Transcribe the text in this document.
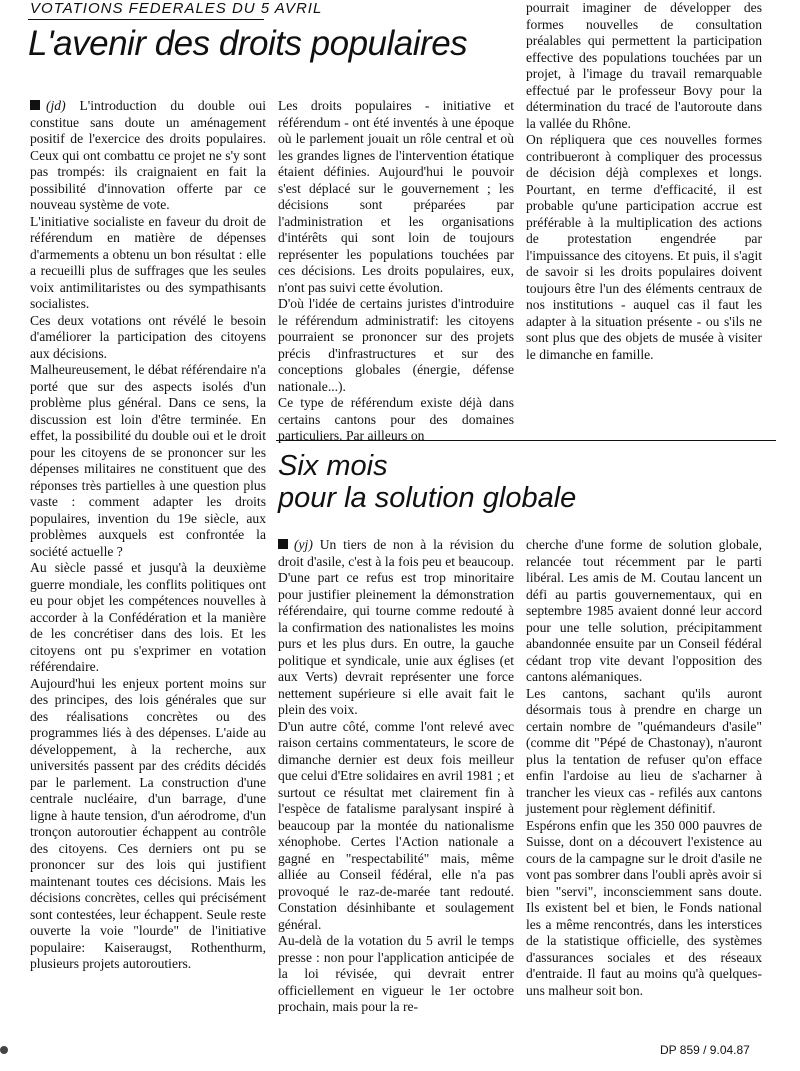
VOTATIONS FEDERALES DU 5 AVRIL
L'avenir des droits populaires

(jd) L'introduction du double oui constitue sans doute un aménagement positif de l'exercice des droits populaires. Ceux qui ont combattu ce projet ne s'y sont pas trompés: ils craignaient en fait la possibilité d'innovation offerte par ce nouveau système de vote.

L'initiative socialiste en faveur du droit de référendum en matière de dépenses d'armements a obtenu un bon résultat : elle a recueilli plus de suffrages que les seules voix antimilitaristes ou des sympathisants socialistes.

Ces deux votations ont révélé le besoin d'améliorer la participation des citoyens aux décisions.

Malheureusement, le débat référendaire n'a porté que sur des aspects isolés d'un problème plus général. Dans ce sens, la discussion est loin d'être terminée. En effet, la possibilité du double oui et le droit pour les citoyens de se prononcer sur les dépenses militaires ne constituent que des réponses très partielles à une question plus vaste : comment adapter les droits populaires, invention du 19e siècle, aux problèmes auxquels est confrontée la société actuelle ?

Au siècle passé et jusqu'à la deuxième guerre mondiale, les conflits politiques ont eu pour objet les compétences nouvelles à accorder à la Confédération et la manière de les concrétiser dans des lois. Et les citoyens ont pu s'exprimer en votation référendaire.

Aujourd'hui les enjeux portent moins sur des principes, des lois générales que sur des réalisations concrètes ou des programmes liés à des dépenses. L'aide au développement, à la recherche, aux universités passent par des crédits décidés par le parlement. La construction d'une centrale nucléaire, d'un barrage, d'une ligne à haute tension, d'un aérodrome, d'un tronçon autoroutier échappent au contrôle des citoyens. Ces derniers ont pu se prononcer sur des lois qui justifient maintenant toutes ces décisions. Mais les décisions concrètes, celles qui précisément sont contestées, leur échappent. Seule reste ouverte la voie "lourde" de l'initiative populaire: Kaiseraugst, Rothenthurm, plusieurs projets autoroutiers.

Les droits populaires - initiative et référendum - ont été inventés à une époque où le parlement jouait un rôle central et où les grandes lignes de l'intervention étatique étaient définies. Aujourd'hui le pouvoir s'est déplacé sur le gouvernement ; les décisions sont préparées par l'administration et les organisations d'intérêts qui sont loin de toujours représenter les populations touchées par ces décisions. Les droits populaires, eux, n'ont pas suivi cette évolution.

D'où l'idée de certains juristes d'introduire le référendum administratif: les citoyens pourraient se prononcer sur des projets précis d'infrastructures et sur des conceptions globales (énergie, défense nationale...).

Ce type de référendum existe déjà dans certains cantons pour des domaines particuliers. Par ailleurs on

pourrait imaginer de développer des formes nouvelles de consultation préalables qui permettent la participation effective des populations touchées par un projet, à l'image du travail remarquable effectué par le professeur Bovy pour la détermination du tracé de l'autoroute dans la vallée du Rhône.

On répliquera que ces nouvelles formes contribueront à compliquer des processus de décision déjà complexes et longs. Pourtant, en terme d'efficacité, il est probable qu'une participation accrue est préférable à la multiplication des actions de protestation engendrée par l'impuissance des citoyens. Et puis, il s'agit de savoir si les droits populaires doivent toujours être l'un des éléments centraux de nos institutions - auquel cas il faut les adapter à la situation présente - ou s'ils ne sont plus que des objets de musée à visiter le dimanche en famille.

Six mois
pour la solution globale

(yj) Un tiers de non à la révision du droit d'asile, c'est à la fois peu et beaucoup. D'une part ce refus est trop minoritaire pour justifier pleinement la démonstration référendaire, qui tourne comme redouté à la confirmation des nationalistes les moins purs et les plus durs. En outre, la gauche politique et syndicale, unie aux églises (et aux Verts) devrait représenter une force nettement supérieure si elle avait fait le plein des voix.

D'un autre côté, comme l'ont relevé avec raison certains commentateurs, le score de dimanche dernier est deux fois meilleur que celui d'Etre solidaires en avril 1981 ; et surtout ce résultat met clairement fin à l'espèce de fatalisme paralysant inspiré à beaucoup par la montée du nationalisme xénophobe. Certes l'Action nationale a gagné en "respectabilité" mais, même alliée au Conseil fédéral, elle n'a pas provoqué le raz-de-marée tant redouté. Constation désinhibante et soulagement général.

Au-delà de la votation du 5 avril le temps presse : non pour l'application anticipée de la loi révisée, qui devrait entrer officiellement en vigueur le 1er octobre prochain, mais pour la re-

cherche d'une forme de solution globale, relancée tout récemment par le parti libéral. Les amis de M. Coutau lancent un défi au partis gouvernementaux, qui en septembre 1985 avaient donné leur accord pour une telle solution, précipitamment abandonnée ensuite par un Conseil fédéral cédant trop vite devant l'opposition des cantons alémaniques.

Les cantons, sachant qu'ils auront désormais tous à prendre en charge un certain nombre de "quémandeurs d'asile" (comme dit "Pépé de Chastonay), n'auront plus la tentation de refuser qu'on efface enfin l'ardoise au lieu de s'acharner à trancher les vieux cas - refilés aux cantons justement pour règlement définitif.

Espérons enfin que les 350 000 pauvres de Suisse, dont on a découvert l'existence au cours de la campagne sur le droit d'asile ne vont pas sombrer dans l'oubli après avoir si bien "servi", inconsciemment sans doute. Ils existent bel et bien, le Fonds national les a même rencontrés, dans les interstices de la statistique officielle, des systèmes d'assurances sociales et des réseaux d'entraide. Il faut au moins qu'à quelques-uns malheur soit bon.

DP 859 / 9.04.87
